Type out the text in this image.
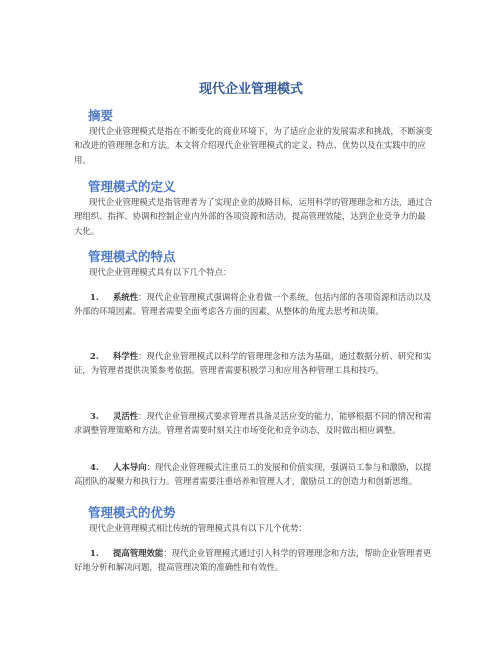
现代企业管理模式
摘要

现代企业管理模式是指在不断变化的商业环境下，为了适应企业的发展需求和挑战，不断演变和改进的管理理念和方法。本文将介绍现代企业管理模式的定义、特点、优势以及在实践中的应用。

管理模式的定义

现代企业管理模式是指管理者为了实现企业的战略目标，运用科学的管理理念和方法，通过合理组织、指挥、协调和控制企业内外部的各项资源和活动，提高管理效能，达到企业竞争力的最大化。

管理模式的特点

现代企业管理模式具有以下几个特点：

1. 系统性：现代企业管理模式强调将企业看做一个系统，包括内部的各项资源和活动以及外部的环境因素。管理者需要全面考虑各方面的因素，从整体的角度去思考和决策。

2. 科学性：现代企业管理模式以科学的管理理念和方法为基础，通过数据分析、研究和实证，为管理者提供决策参考依据。管理者需要积极学习和应用各种管理工具和技巧。

3. 灵活性：现代企业管理模式要求管理者具备灵活应变的能力，能够根据不同的情况和需求调整管理策略和方法。管理者需要时刻关注市场变化和竞争动态，及时做出相应调整。

4. 人本导向：现代企业管理模式注重员工的发展和价值实现，强调员工参与和激励，以提高团队的凝聚力和执行力。管理者需要注重培养和管理人才，激励员工的创造力和创新思维。

管理模式的优势

现代企业管理模式相比传统的管理模式具有以下几个优势：

1. 提高管理效能：现代企业管理模式通过引入科学的管理理念和方法，帮助企业管理者更好地分析和解决问题，提高管理决策的准确性和有效性。
